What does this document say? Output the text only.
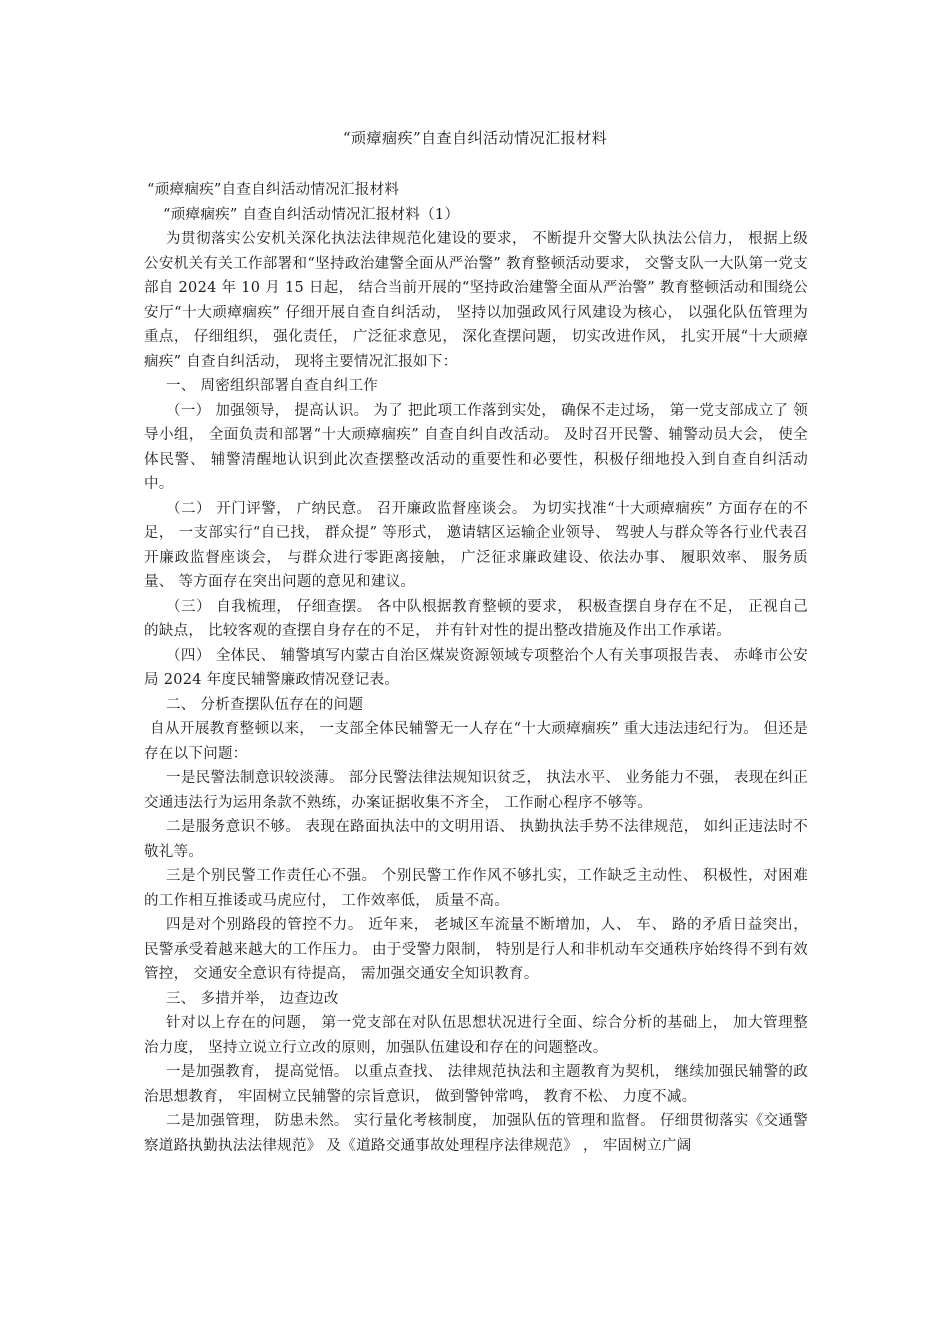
“顽瘴痼疾”自查自纠活动情况汇报材料

“顽瘴痼疾”自查自纠活动情况汇报材料

“顽瘴痼疾” 自查自纠活动情况汇报材料（1）

为贯彻落实公安机关深化执法法律规范化建设的要求， 不断提升交警大队执法公信力， 根据上级公安机关有关工作部署和“坚持政治建警全面从严治警” 教育整顿活动要求， 交警支队一大队第一党支部自 2024 年 10 月 15 日起， 结合当前开展的“坚持政治建警全面从严治警” 教育整顿活动和围绕公安厅“十大顽瘴痼疾” 仔细开展自查自纠活动， 坚持以加强政风行风建设为核心， 以强化队伍管理为重点， 仔细组织， 强化责任， 广泛征求意见， 深化查摆问题， 切实改进作风， 扎实开展“十大顽瘴痼疾” 自查自纠活动， 现将主要情况汇报如下：

一、 周密组织部署自查自纠工作

（一） 加强领导， 提高认识。 为了 把此项工作落到实处， 确保不走过场， 第一党支部成立了 领导小组， 全面负责和部署“十大顽瘴痼疾” 自查自纠自改活动。 及时召开民警、辅警动员大会， 使全体民警、 辅警清醒地认识到此次查摆整改活动的重要性和必要性，积极仔细地投入到自查自纠活动中。

（二） 开门评警， 广纳民意。 召开廉政监督座谈会。 为切实找准“十大顽瘴痼疾” 方面存在的不足， 一支部实行“自已找， 群众提” 等形式， 邀请辖区运输企业领导、 驾驶人与群众等各行业代表召开廉政监督座谈会， 与群众进行零距离接触， 广泛征求廉政建设、依法办事、 履职效率、 服务质量、 等方面存在突出问题的意见和建议。

（三） 自我梳理， 仔细查摆。 各中队根据教育整顿的要求， 积极查摆自身存在不足， 正视自己的缺点， 比较客观的查摆自身存在的不足， 并有针对性的提出整改措施及作出工作承诺。

（四） 全体民、 辅警填写内蒙古自治区煤炭资源领域专项整治个人有关事项报告表、 赤峰市公安局 2024 年度民辅警廉政情况登记表。

二、 分析查摆队伍存在的问题

自从开展教育整顿以来， 一支部全体民辅警无一人存在“十大顽瘴痼疾” 重大违法违纪行为。 但还是存在以下问题：

一是民警法制意识较淡薄。 部分民警法律法规知识贫乏， 执法水平、 业务能力不强， 表现在纠正交通违法行为运用条款不熟练，办案证据收集不齐全， 工作耐心程序不够等。

二是服务意识不够。 表现在路面执法中的文明用语、 执勤执法手势不法律规范， 如纠正违法时不敬礼等。

三是个别民警工作责任心不强。 个别民警工作作风不够扎实，工作缺乏主动性、 积极性，对困难的工作相互推诿或马虎应付， 工作效率低， 质量不高。

四是对个别路段的管控不力。 近年来， 老城区车流量不断增加，人、 车、 路的矛盾日益突出， 民警承受着越来越大的工作压力。 由于受警力限制， 特别是行人和非机动车交通秩序始终得不到有效管控， 交通安全意识有待提高， 需加强交通安全知识教育。

三、 多措并举， 边查边改

针对以上存在的问题， 第一党支部在对队伍思想状况进行全面、综合分析的基础上， 加大管理整治力度， 坚持立说立行立改的原则，加强队伍建设和存在的问题整改。

一是加强教育， 提高觉悟。 以重点查找、 法律规范执法和主题教育为契机， 继续加强民辅警的政治思想教育， 牢固树立民辅警的宗旨意识， 做到警钟常鸣， 教育不松、 力度不减。

二是加强管理， 防患未然。 实行量化考核制度， 加强队伍的管理和监督。 仔细贯彻落实《交通警察道路执勤执法法律规范》 及《道路交通事故处理程序法律规范》 ， 牢固树立广阔
